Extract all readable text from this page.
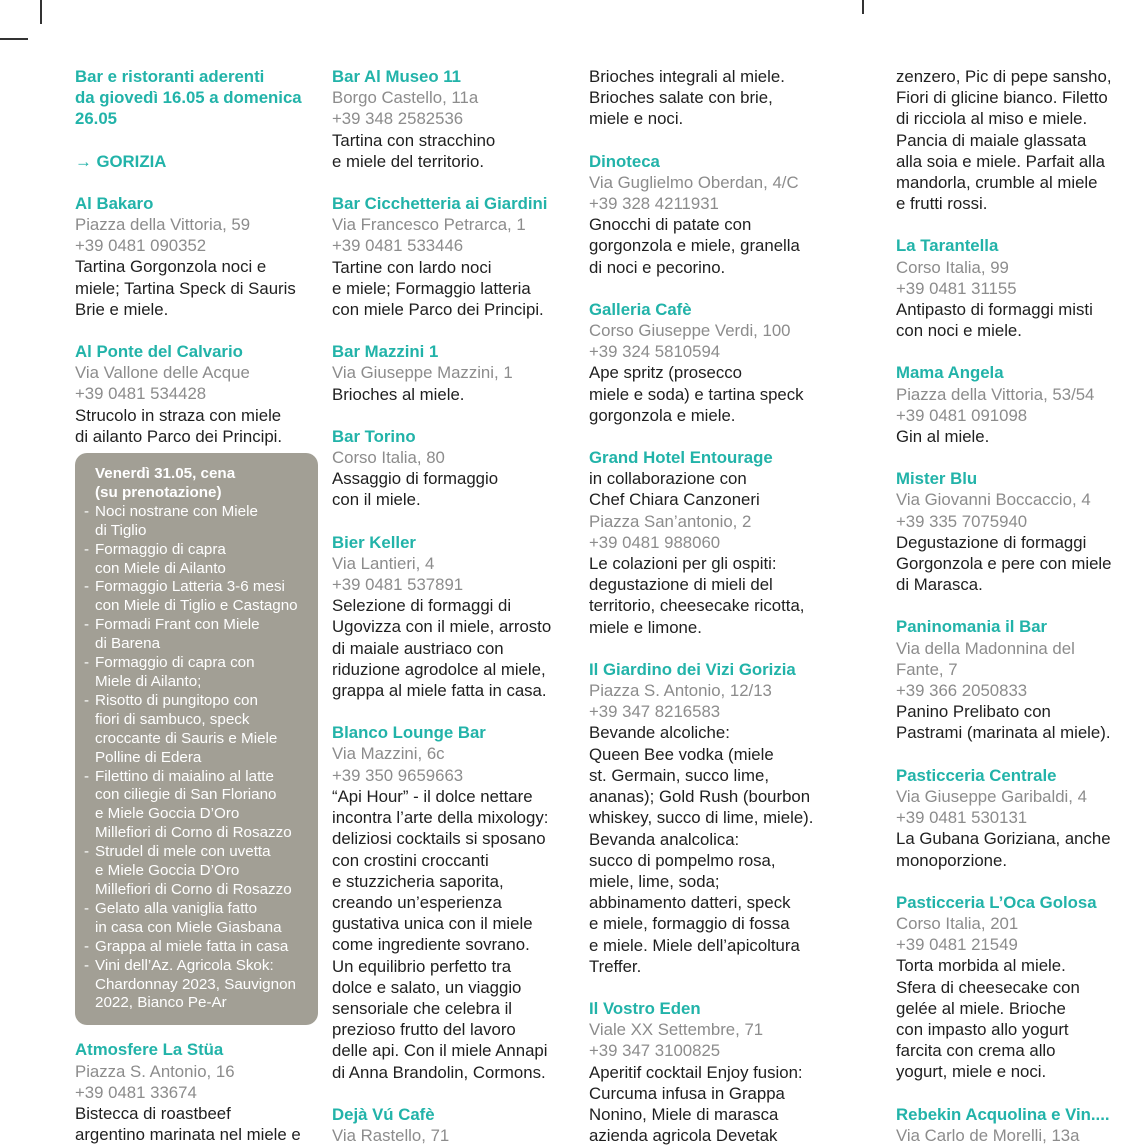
Bar e ristoranti aderenti

da giovedì 16.05 a domenica

26.05

→ GORIZIA

Al Bakaro

Piazza della Vittoria, 59

+39 0481 090352

Tartina Gorgonzola noci e

miele; Tartina Speck di Sauris

Brie e miele.

Al Ponte del Calvario

Via Vallone delle Acque

+39 0481 534428

Strucolo in straza con miele

di ailanto Parco dei Principi.

Venerdì 31.05, cena

(su prenotazione)

- Noci nostrane con Miele
di Tiglio
- Formaggio di capra
con Miele di Ailanto
- Formaggio Latteria 3-6 mesi
con Miele di Tiglio e Castagno
- Formadi Frant con Miele
di Barena
- Formaggio di capra con
Miele di Ailanto;
- Risotto di pungitopo con
fiori di sambuco, speck
croccante di Sauris e Miele
Polline di Edera
- Filettino di maialino al latte
con ciliegie di San Floriano
e Miele Goccia D’Oro
Millefiori di Corno di Rosazzo
- Strudel di mele con uvetta
e Miele Goccia D’Oro
Millefiori di Corno di Rosazzo
- Gelato alla vaniglia fatto
in casa con Miele Giasbana
- Grappa al miele fatta in casa
- Vini dell’Az. Agricola Skok:
Chardonnay 2023, Sauvignon
2022, Bianco Pe-Ar

Atmosfere La Stüa

Piazza S. Antonio, 16

+39 0481 33674

Bistecca di roastbeef

argentino marinata nel miele e

Bar Al Museo 11

Borgo Castello, 11a

+39 348 2582536

Tartina con stracchino

e miele del territorio.

Bar Cicchetteria ai Giardini

Via Francesco Petrarca, 1

+39 0481 533446

Tartine con lardo noci

e miele; Formaggio latteria

con miele Parco dei Principi.

Bar Mazzini 1

Via Giuseppe Mazzini, 1

Brioches al miele.

Bar Torino

Corso Italia, 80

Assaggio di formaggio

con il miele.

Bier Keller

Via Lantieri, 4

+39 0481 537891

Selezione di formaggi di

Ugovizza con il miele, arrosto

di maiale austriaco con

riduzione agrodolce al miele,

grappa al miele fatta in casa.

Blanco Lounge Bar

Via Mazzini, 6c

+39 350 9659663

“Api Hour” - il dolce nettare

incontra l’arte della mixology:

deliziosi cocktails si sposano

con crostini croccanti

e stuzzicheria saporita,

creando un’esperienza

gustativa unica con il miele

come ingrediente sovrano.

Un equilibrio perfetto tra

dolce e salato, un viaggio

sensoriale che celebra il

prezioso frutto del lavoro

delle api. Con il miele Annapi

di Anna Brandolin, Cormons.

Dejà Vú Cafè

Via Rastello, 71

Brioches integrali al miele.

Brioches salate con brie,

miele e noci.

Dinoteca

Via Guglielmo Oberdan, 4/C

+39 328 4211931

Gnocchi di patate con

gorgonzola e miele, granella

di noci e pecorino.

Galleria Cafè

Corso Giuseppe Verdi, 100

+39 324 5810594

Ape spritz (prosecco

miele e soda) e tartina speck

gorgonzola e miele.

Grand Hotel Entourage

in collaborazione con

Chef Chiara Canzoneri

Piazza San’antonio, 2

+39 0481 988060

Le colazioni per gli ospiti:

degustazione di mieli del

territorio, cheesecake ricotta,

miele e limone.

Il Giardino dei Vizi Gorizia

Piazza S. Antonio, 12/13

+39 347 8216583

Bevande alcoliche:

Queen Bee vodka (miele

st. Germain, succo lime,

ananas); Gold Rush (bourbon

whiskey, succo di lime, miele).

Bevanda analcolica:

succo di pompelmo rosa,

miele, lime, soda;

abbinamento datteri, speck

e miele, formaggio di fossa

e miele. Miele dell’apicoltura

Treffer.

Il Vostro Eden

Viale XX Settembre, 71

+39 347 3100825

Aperitif cocktail Enjoy fusion:

Curcuma infusa in Grappa

Nonino, Miele di marasca

azienda agricola Devetak

zenzero, Pic di pepe sansho,

Fiori di glicine bianco. Filetto

di ricciola al miso e miele.

Pancia di maiale glassata

alla soia e miele. Parfait alla

mandorla, crumble al miele

e frutti rossi.

La Tarantella

Corso Italia, 99

+39 0481 31155

Antipasto di formaggi misti

con noci e miele.

Mama Angela

Piazza della Vittoria, 53/54

+39 0481 091098

Gin al miele.

Mister Blu

Via Giovanni Boccaccio, 4

+39 335 7075940

Degustazione di formaggi

Gorgonzola e pere con miele

di Marasca.

Paninomania il Bar

Via della Madonnina del

Fante, 7

+39 366 2050833

Panino Prelibato con

Pastrami (marinata al miele).

Pasticceria Centrale

Via Giuseppe Garibaldi, 4

+39 0481 530131

La Gubana Goriziana, anche

monoporzione.

Pasticceria L’Oca Golosa

Corso Italia, 201

+39 0481 21549

Torta morbida al miele.

Sfera di cheesecake con

gelée al miele. Brioche

con impasto allo yogurt

farcita con crema allo

yogurt, miele e noci.

Rebekin Acquolina e Vin....

Via Carlo de Morelli, 13a
